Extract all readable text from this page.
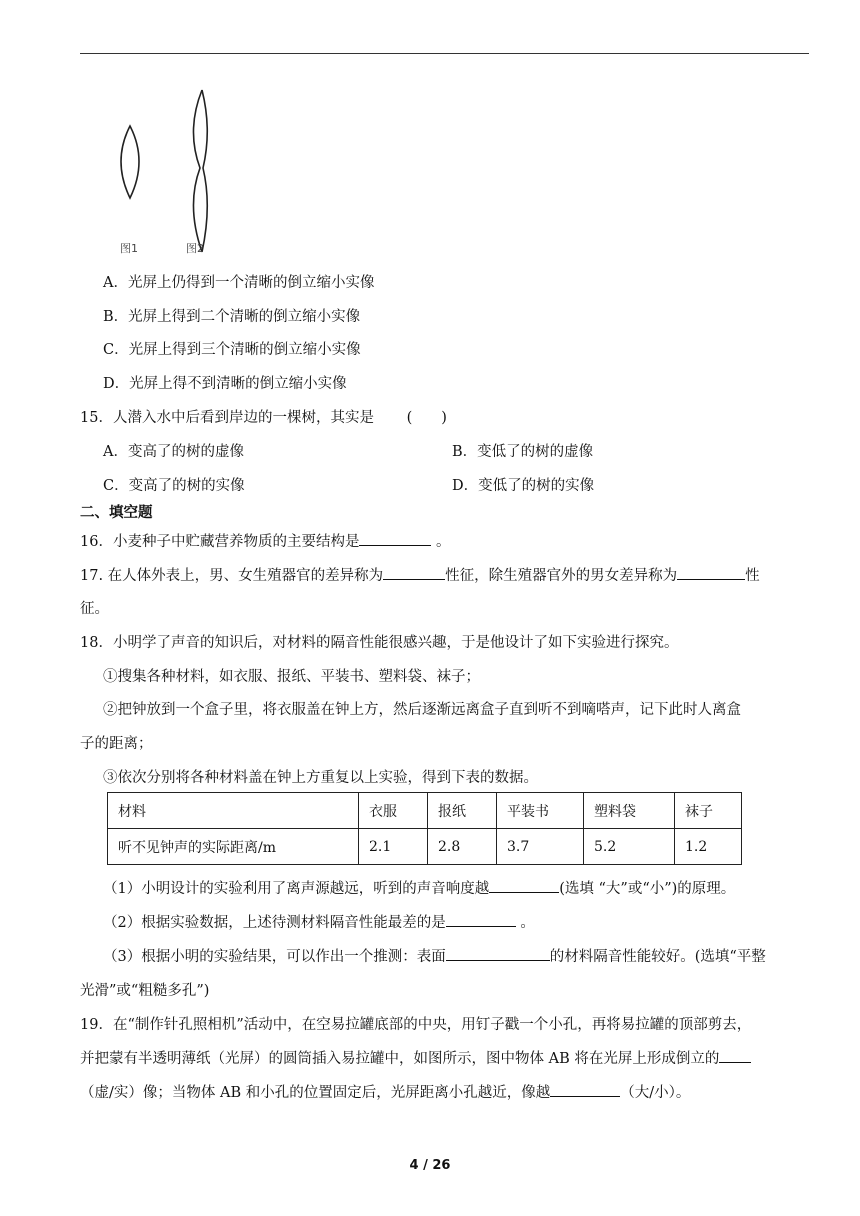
图1	图2
A．光屏上仍得到一个清晰的倒立缩小实像
B．光屏上得到二个清晰的倒立缩小实像
C．光屏上得到三个清晰的倒立缩小实像
D．光屏上得不到清晰的倒立缩小实像
15．人潜入水中后看到岸边的一棵树，其实是 (　　)
A．变高了的树的虚像	B．变低了的树的虚像
C．变高了的树的实像	D．变低了的树的实像
二、填空题
16．小麦种子中贮藏营养物质的主要结构是	。
17. 在人体外表上，男、女生殖器官的差异称为	性征，除生殖器官外的男女差异称为	性
征。
18．小明学了声音的知识后，对材料的隔音性能很感兴趣，于是他设计了如下实验进行探究。
①搜集各种材料，如衣服、报纸、平装书、塑料袋、袜子；
②把钟放到一个盒子里，将衣服盖在钟上方，然后逐渐远离盒子直到听不到嘀嗒声，记下此时人离盒
子的距离；
③依次分别将各种材料盖在钟上方重复以上实验，得到下表的数据。
材料	衣服	报纸	平装书	塑料袋	袜子
听不见钟声的实际距离/m	2.1	2.8	3.7	5.2	1.2
（1）小明设计的实验利用了离声源越远，听到的声音响度越	(选填 “大”或“小”)的原理。
（2）根据实验数据，上述待测材料隔音性能最差的是	。
（3）根据小明的实验结果，可以作出一个推测：表面	的材料隔音性能较好。(选填“平整
光滑”或“粗糙多孔”)
19．在“制作针孔照相机”活动中，在空易拉罐底部的中央，用钉子戳一个小孔，再将易拉罐的顶部剪去，
并把蒙有半透明薄纸（光屏）的圆筒插入易拉罐中，如图所示，图中物体 AB 将在光屏上形成倒立的
（虚/实）像；当物体 AB 和小孔的位置固定后，光屏距离小孔越近，像越	（大/小）。
4 / 26
